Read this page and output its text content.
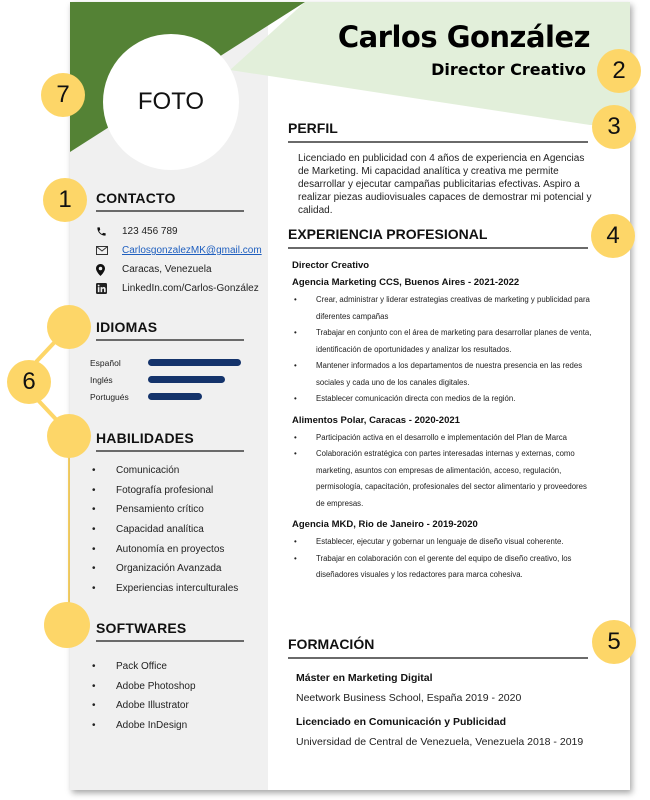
FOTO
Carlos González
Director Creativo
CONTACTO
123 456 789
CarlosgonzalezMK@gmail.com
Caracas, Venezuela
LinkedIn.com/Carlos-González
IDIOMAS
Español
Inglés
Portugués
HABILIDADES
•	Comunicación
•	Fotografía profesional
•	Pensamiento crítico
•	Capacidad analítica
•	Autonomía en proyectos
•	Organización Avanzada
•	Experiencias interculturales
SOFTWARES
•	Pack Office
•	Adobe Photoshop
•	Adobe Illustrator
•	Adobe InDesign
PERFIL

Licenciado en publicidad con 4 años de experiencia en Agencias de Marketing. Mi capacidad analítica y creativa me permite desarrollar y ejecutar campañas publicitarias efectivas. Aspiro a realizar piezas audiovisuales capaces de demostrar mi potencial y calidad.

EXPERIENCIA PROFESIONAL
Director Creativo
Agencia Marketing CCS, Buenos Aires - 2021-2022
•	Crear, administrar y liderar estrategias creativas de marketing y publicidad para diferentes campañas
•	Trabajar en conjunto con el área de marketing para desarrollar planes de venta, identificación de oportunidades y analizar los resultados.
•	Mantener informados a los departamentos de nuestra presencia en las redes sociales y cada uno de los canales digitales.
•	Establecer comunicación directa con medios de la región.
Alimentos Polar, Caracas - 2020-2021
•	Participación activa en el desarrollo e implementación del Plan de Marca
•	Colaboración estratégica con partes interesadas internas y externas, como marketing, asuntos con empresas de alimentación, acceso, regulación, permisología, capacitación, profesionales del sector alimentario y proveedores de empresas.
Agencia MKD, Rio de Janeiro - 2019-2020
•	Establecer, ejecutar y gobernar un lenguaje de diseño visual coherente.
•	Trabajar en colaboración con el gerente del equipo de diseño creativo, los diseñadores visuales y los redactores para marca cohesiva.
FORMACIÓN
Máster en Marketing Digital
Neetwork Business School, España 2019 - 2020
Licenciado en Comunicación y Publicidad
Universidad de Central de Venezuela, Venezuela 2018 - 2019
7
2
3
1
4
6
5
